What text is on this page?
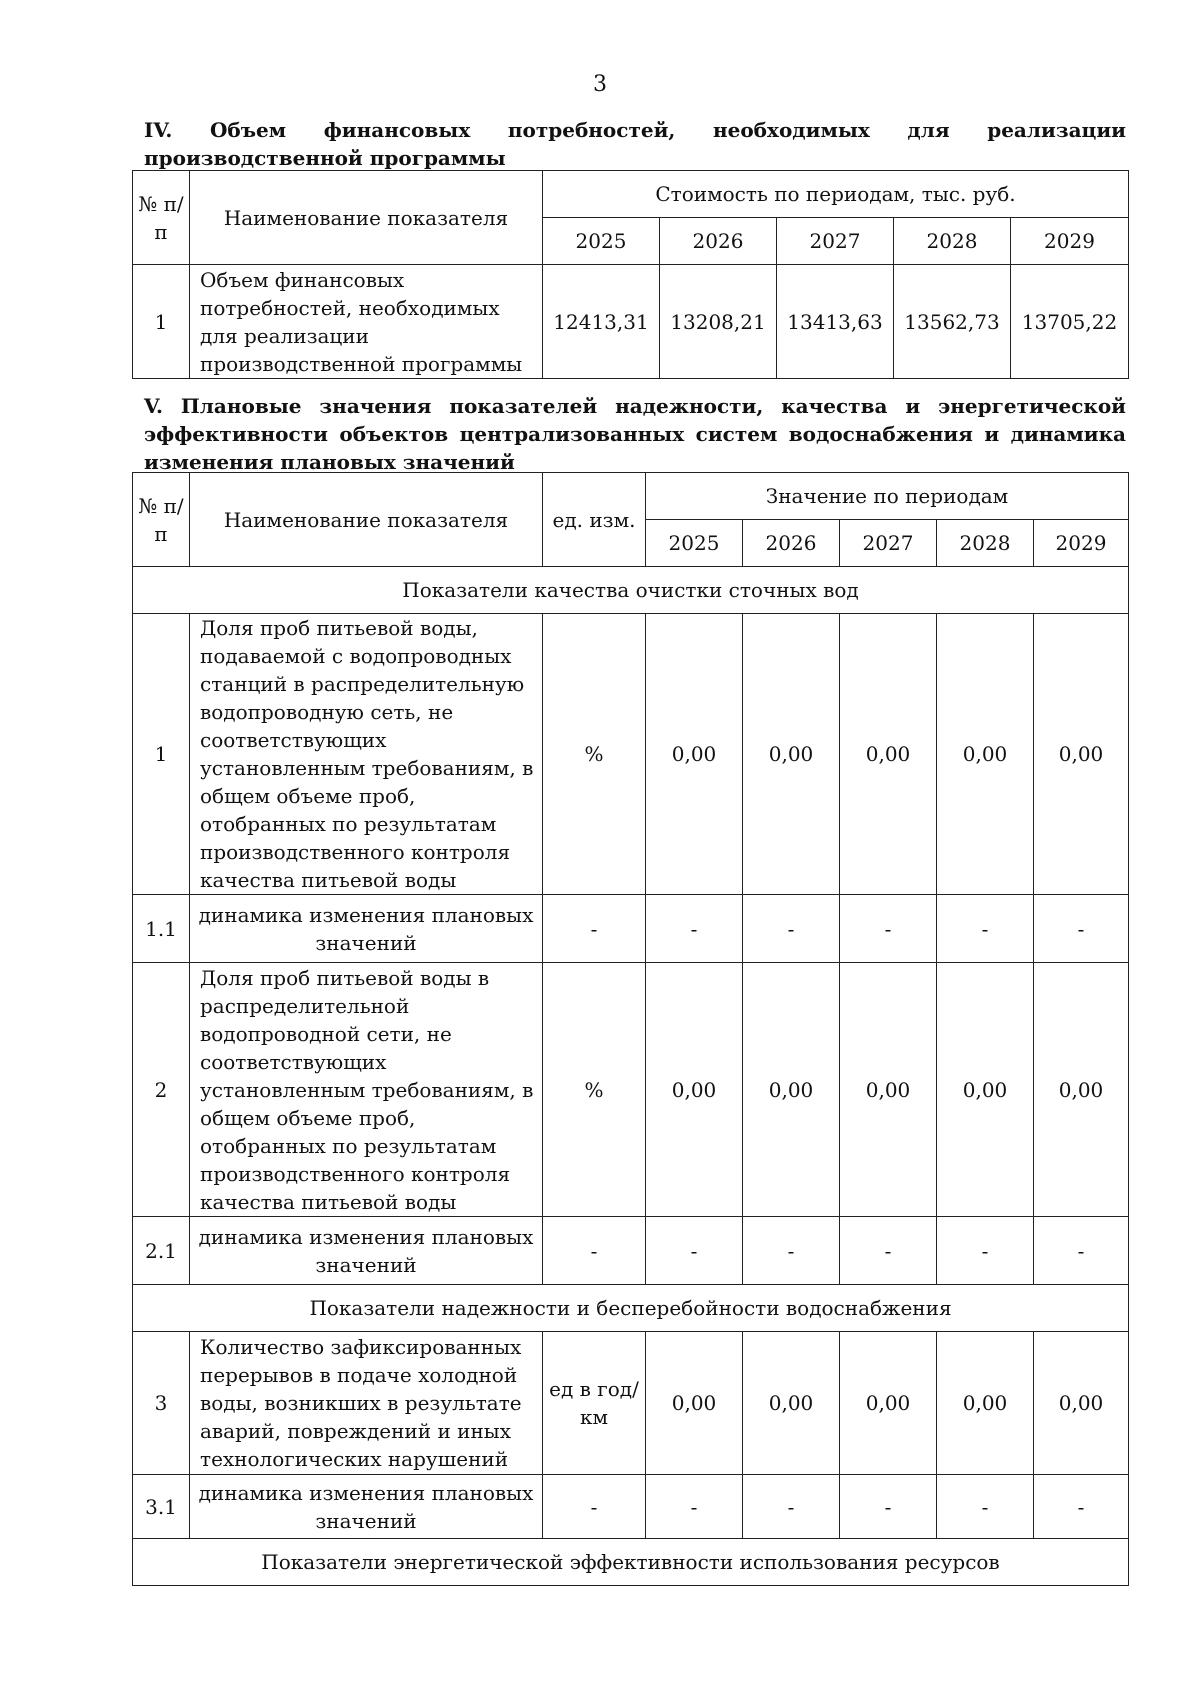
3
IV. Объем финансовых потребностей, необходимых для реализации производственной программы
№ п/п	Наименование показателя	Стоимость по периодам, тыс. руб.				
		2025	2026	2027	2028	2029
1	Объем финансовых потребностей, необходимых для реализации производственной программы	12413,31	13208,21	13413,63	13562,73	13705,22
V. Плановые значения показателей надежности, качества и энергетической эффективности объектов централизованных систем водоснабжения и динамика
изменения плановых значений
№ п/п	Наименование показателя	ед. изм.	Значение по периодам				
			2025	2026	2027	2028	2029
Показатели качества очистки сточных вод							
1	Доля проб питьевой воды, подаваемой с водопроводных станций в распределительную водопроводную сеть, не соответствующих установленным требованиям, в общем объеме проб, отобранных по результатам производственного контроля качества питьевой воды	%	0,00	0,00	0,00	0,00	0,00
1.1	динамика изменения плановых значений	-	-	-	-	-	-
2	Доля проб питьевой воды в распределительной водопроводной сети, не соответствующих установленным требованиям, в общем объеме проб, отобранных по результатам производственного контроля качества питьевой воды	%	0,00	0,00	0,00	0,00	0,00
2.1	динамика изменения плановых значений	-	-	-	-	-	-
Показатели надежности и бесперебойности водоснабжения							
3	Количество зафиксированных перерывов в подаче холодной воды, возникших в результате аварий, повреждений и иных технологических нарушений	ед в год/ км	0,00	0,00	0,00	0,00	0,00
3.1	динамика изменения плановых значений	-	-	-	-	-	-
Показатели энергетической эффективности использования ресурсов							
